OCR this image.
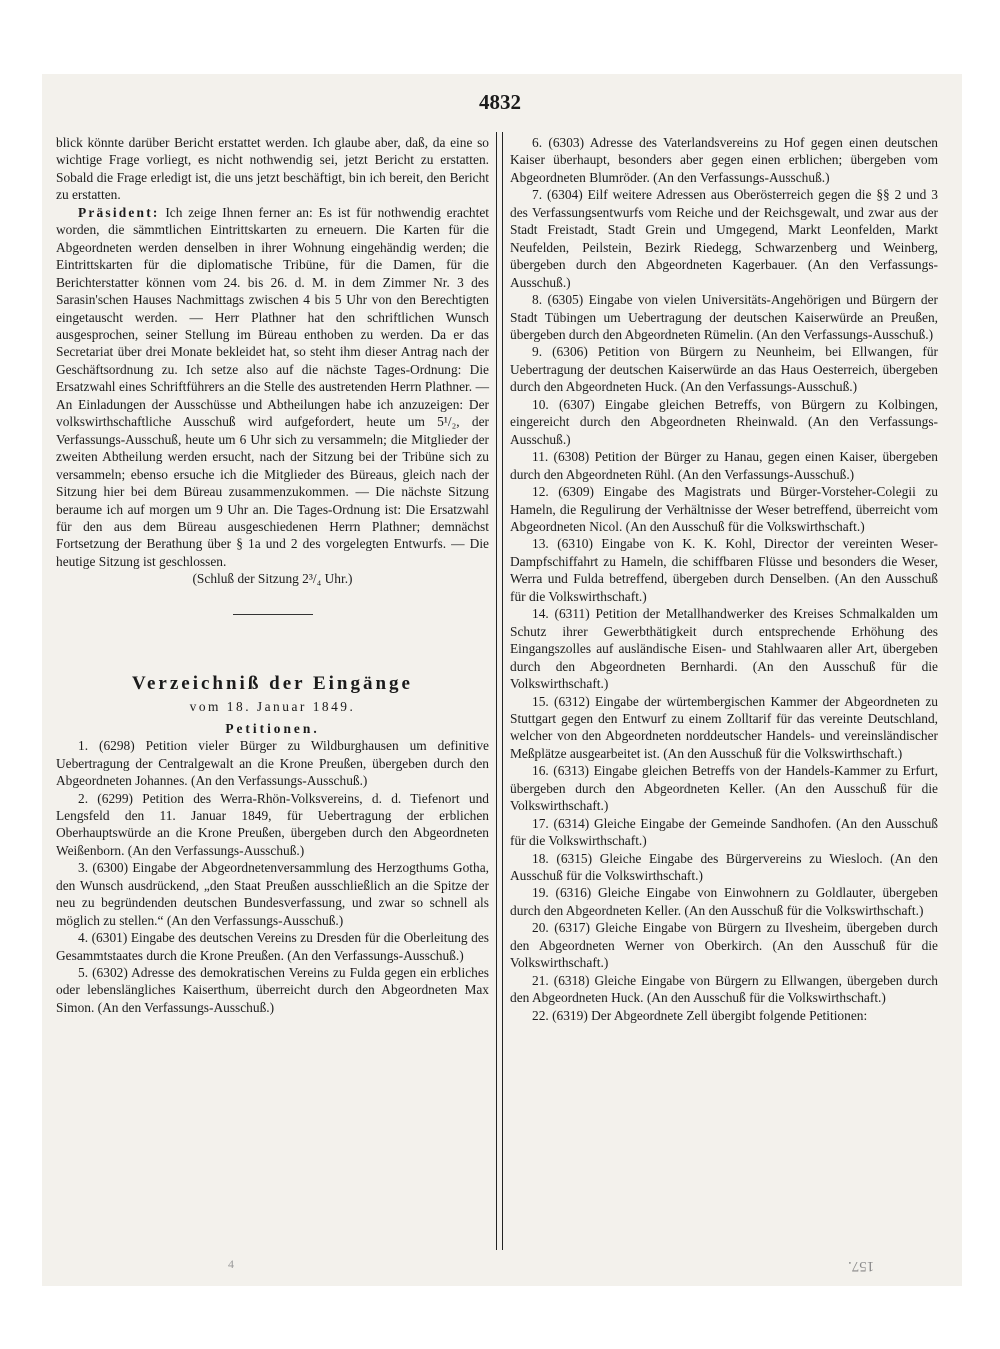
4832

blick könnte darüber Bericht erstattet werden. Ich glaube aber, daß, da eine so wichtige Frage vorliegt, es nicht nothwendig sei, jetzt Bericht zu erstatten. Sobald die Frage erledigt ist, die uns jetzt beschäftigt, bin ich bereit, den Bericht zu erstatten.

Präsident: Ich zeige Ihnen ferner an: Es ist für nothwendig erachtet worden, die sämmtlichen Eintrittskarten zu erneuern. Die Karten für die Abgeordneten werden denselben in ihrer Wohnung eingehändig werden; die Eintrittskarten für die diplomatische Tribüne, für die Damen, für die Berichterstatter können vom 24. bis 26. d. M. in dem Zimmer Nr. 3 des Sarasin'schen Hauses Nachmittags zwischen 4 bis 5 Uhr von den Berechtigten eingetauscht werden. — Herr Plathner hat den schriftlichen Wunsch ausgesprochen, seiner Stellung im Büreau enthoben zu werden. Da er das Secretariat über drei Monate bekleidet hat, so steht ihm dieser Antrag nach der Geschäftsordnung zu. Ich setze also auf die nächste Tages-Ordnung: Die Ersatzwahl eines Schriftführers an die Stelle des austretenden Herrn Plathner. — An Einladungen der Ausschüsse und Abtheilungen habe ich anzuzeigen: Der volkswirthschaftliche Ausschuß wird aufgefordert, heute um 5¹/₂, der Verfassungs-Ausschuß, heute um 6 Uhr sich zu versammeln; die Mitglieder der zweiten Abtheilung werden ersucht, nach der Sitzung bei der Tribüne sich zu versammeln; ebenso ersuche ich die Mitglieder des Büreaus, gleich nach der Sitzung hier bei dem Büreau zusammenzukommen. — Die nächste Sitzung beraume ich auf morgen um 9 Uhr an. Die Tages-Ordnung ist: Die Ersatzwahl für den aus dem Büreau ausgeschiedenen Herrn Plathner; demnächst Fortsetzung der Berathung über § 1a und 2 des vorgelegten Entwurfs. — Die heutige Sitzung ist geschlossen.

(Schluß der Sitzung 2³/₄ Uhr.)

Verzeichniß der Eingänge

vom 18. Januar 1849.

Petitionen.

1. (6298) Petition vieler Bürger zu Wildburghausen um definitive Uebertragung der Centralgewalt an die Krone Preußen, übergeben durch den Abgeordneten Johannes. (An den Verfassungs-Ausschuß.)

2. (6299) Petition des Werra-Rhön-Volksvereins, d. d. Tiefenort und Lengsfeld den 11. Januar 1849, für Uebertragung der erblichen Oberhauptswürde an die Krone Preußen, übergeben durch den Abgeordneten Weißenborn. (An den Verfassungs-Ausschuß.)

3. (6300) Eingabe der Abgeordnetenversammlung des Herzogthums Gotha, den Wunsch ausdrückend, „den Staat Preußen ausschließlich an die Spitze der neu zu begründenden deutschen Bundesverfassung, und zwar so schnell als möglich zu stellen.“ (An den Verfassungs-Ausschuß.)

4. (6301) Eingabe des deutschen Vereins zu Dresden für die Oberleitung des Gesammtstaates durch die Krone Preußen. (An den Verfassungs-Ausschuß.)

5. (6302) Adresse des demokratischen Vereins zu Fulda gegen ein erbliches oder lebenslängliches Kaiserthum, überreicht durch den Abgeordneten Max Simon. (An den Verfassungs-Ausschuß.)

6. (6303) Adresse des Vaterlandsvereins zu Hof gegen einen deutschen Kaiser überhaupt, besonders aber gegen einen erblichen; übergeben vom Abgeordneten Blumröder. (An den Verfassungs-Ausschuß.)

7. (6304) Eilf weitere Adressen aus Oberösterreich gegen die §§ 2 und 3 des Verfassungsentwurfs vom Reiche und der Reichsgewalt, und zwar aus der Stadt Freistadt, Stadt Grein und Umgegend, Markt Leonfelden, Markt Neufelden, Peilstein, Bezirk Riedegg, Schwarzenberg und Weinberg, übergeben durch den Abgeordneten Kagerbauer. (An den Verfassungs-Ausschuß.)

8. (6305) Eingabe von vielen Universitäts-Angehörigen und Bürgern der Stadt Tübingen um Uebertragung der deutschen Kaiserwürde an Preußen, übergeben durch den Abgeordneten Rümelin. (An den Verfassungs-Ausschuß.)

9. (6306) Petition von Bürgern zu Neunheim, bei Ellwangen, für Uebertragung der deutschen Kaiserwürde an das Haus Oesterreich, übergeben durch den Abgeordneten Huck. (An den Verfassungs-Ausschuß.)

10. (6307) Eingabe gleichen Betreffs, von Bürgern zu Kolbingen, eingereicht durch den Abgeordneten Rheinwald. (An den Verfassungs-Ausschuß.)

11. (6308) Petition der Bürger zu Hanau, gegen einen Kaiser, übergeben durch den Abgeordneten Rühl. (An den Verfassungs-Ausschuß.)

12. (6309) Eingabe des Magistrats und Bürger-Vorsteher-Colegii zu Hameln, die Regulirung der Verhältnisse der Weser betreffend, überreicht vom Abgeordneten Nicol. (An den Ausschuß für die Volkswirthschaft.)

13. (6310) Eingabe von K. K. Kohl, Director der vereinten Weser-Dampfschiffahrt zu Hameln, die schiffbaren Flüsse und besonders die Weser, Werra und Fulda betreffend, übergeben durch Denselben. (An den Ausschuß für die Volkswirthschaft.)

14. (6311) Petition der Metallhandwerker des Kreises Schmalkalden um Schutz ihrer Gewerbthätigkeit durch entsprechende Erhöhung des Eingangszolles auf ausländische Eisen- und Stahlwaaren aller Art, übergeben durch den Abgeordneten Bernhardi. (An den Ausschuß für die Volkswirthschaft.)

15. (6312) Eingabe der würtembergischen Kammer der Abgeordneten zu Stuttgart gegen den Entwurf zu einem Zolltarif für das vereinte Deutschland, welcher von den Abgeordneten norddeutscher Handels- und vereinsländischer Meßplätze ausgearbeitet ist. (An den Ausschuß für die Volkswirthschaft.)

16. (6313) Eingabe gleichen Betreffs von der Handels-Kammer zu Erfurt, übergeben durch den Abgeordneten Keller. (An den Ausschuß für die Volkswirthschaft.)

17. (6314) Gleiche Eingabe der Gemeinde Sandhofen. (An den Ausschuß für die Volkswirthschaft.)

18. (6315) Gleiche Eingabe des Bürgervereins zu Wiesloch. (An den Ausschuß für die Volkswirthschaft.)

19. (6316) Gleiche Eingabe von Einwohnern zu Goldlauter, übergeben durch den Abgeordneten Keller. (An den Ausschuß für die Volkswirthschaft.)

20. (6317) Gleiche Eingabe von Bürgern zu Ilvesheim, übergeben durch den Abgeordneten Werner von Oberkirch. (An den Ausschuß für die Volkswirthschaft.)

21. (6318) Gleiche Eingabe von Bürgern zu Ellwangen, übergeben durch den Abgeordneten Huck. (An den Ausschuß für die Volkswirthschaft.)

22. (6319) Der Abgeordnete Zell übergibt folgende Petitionen:

4	157.
